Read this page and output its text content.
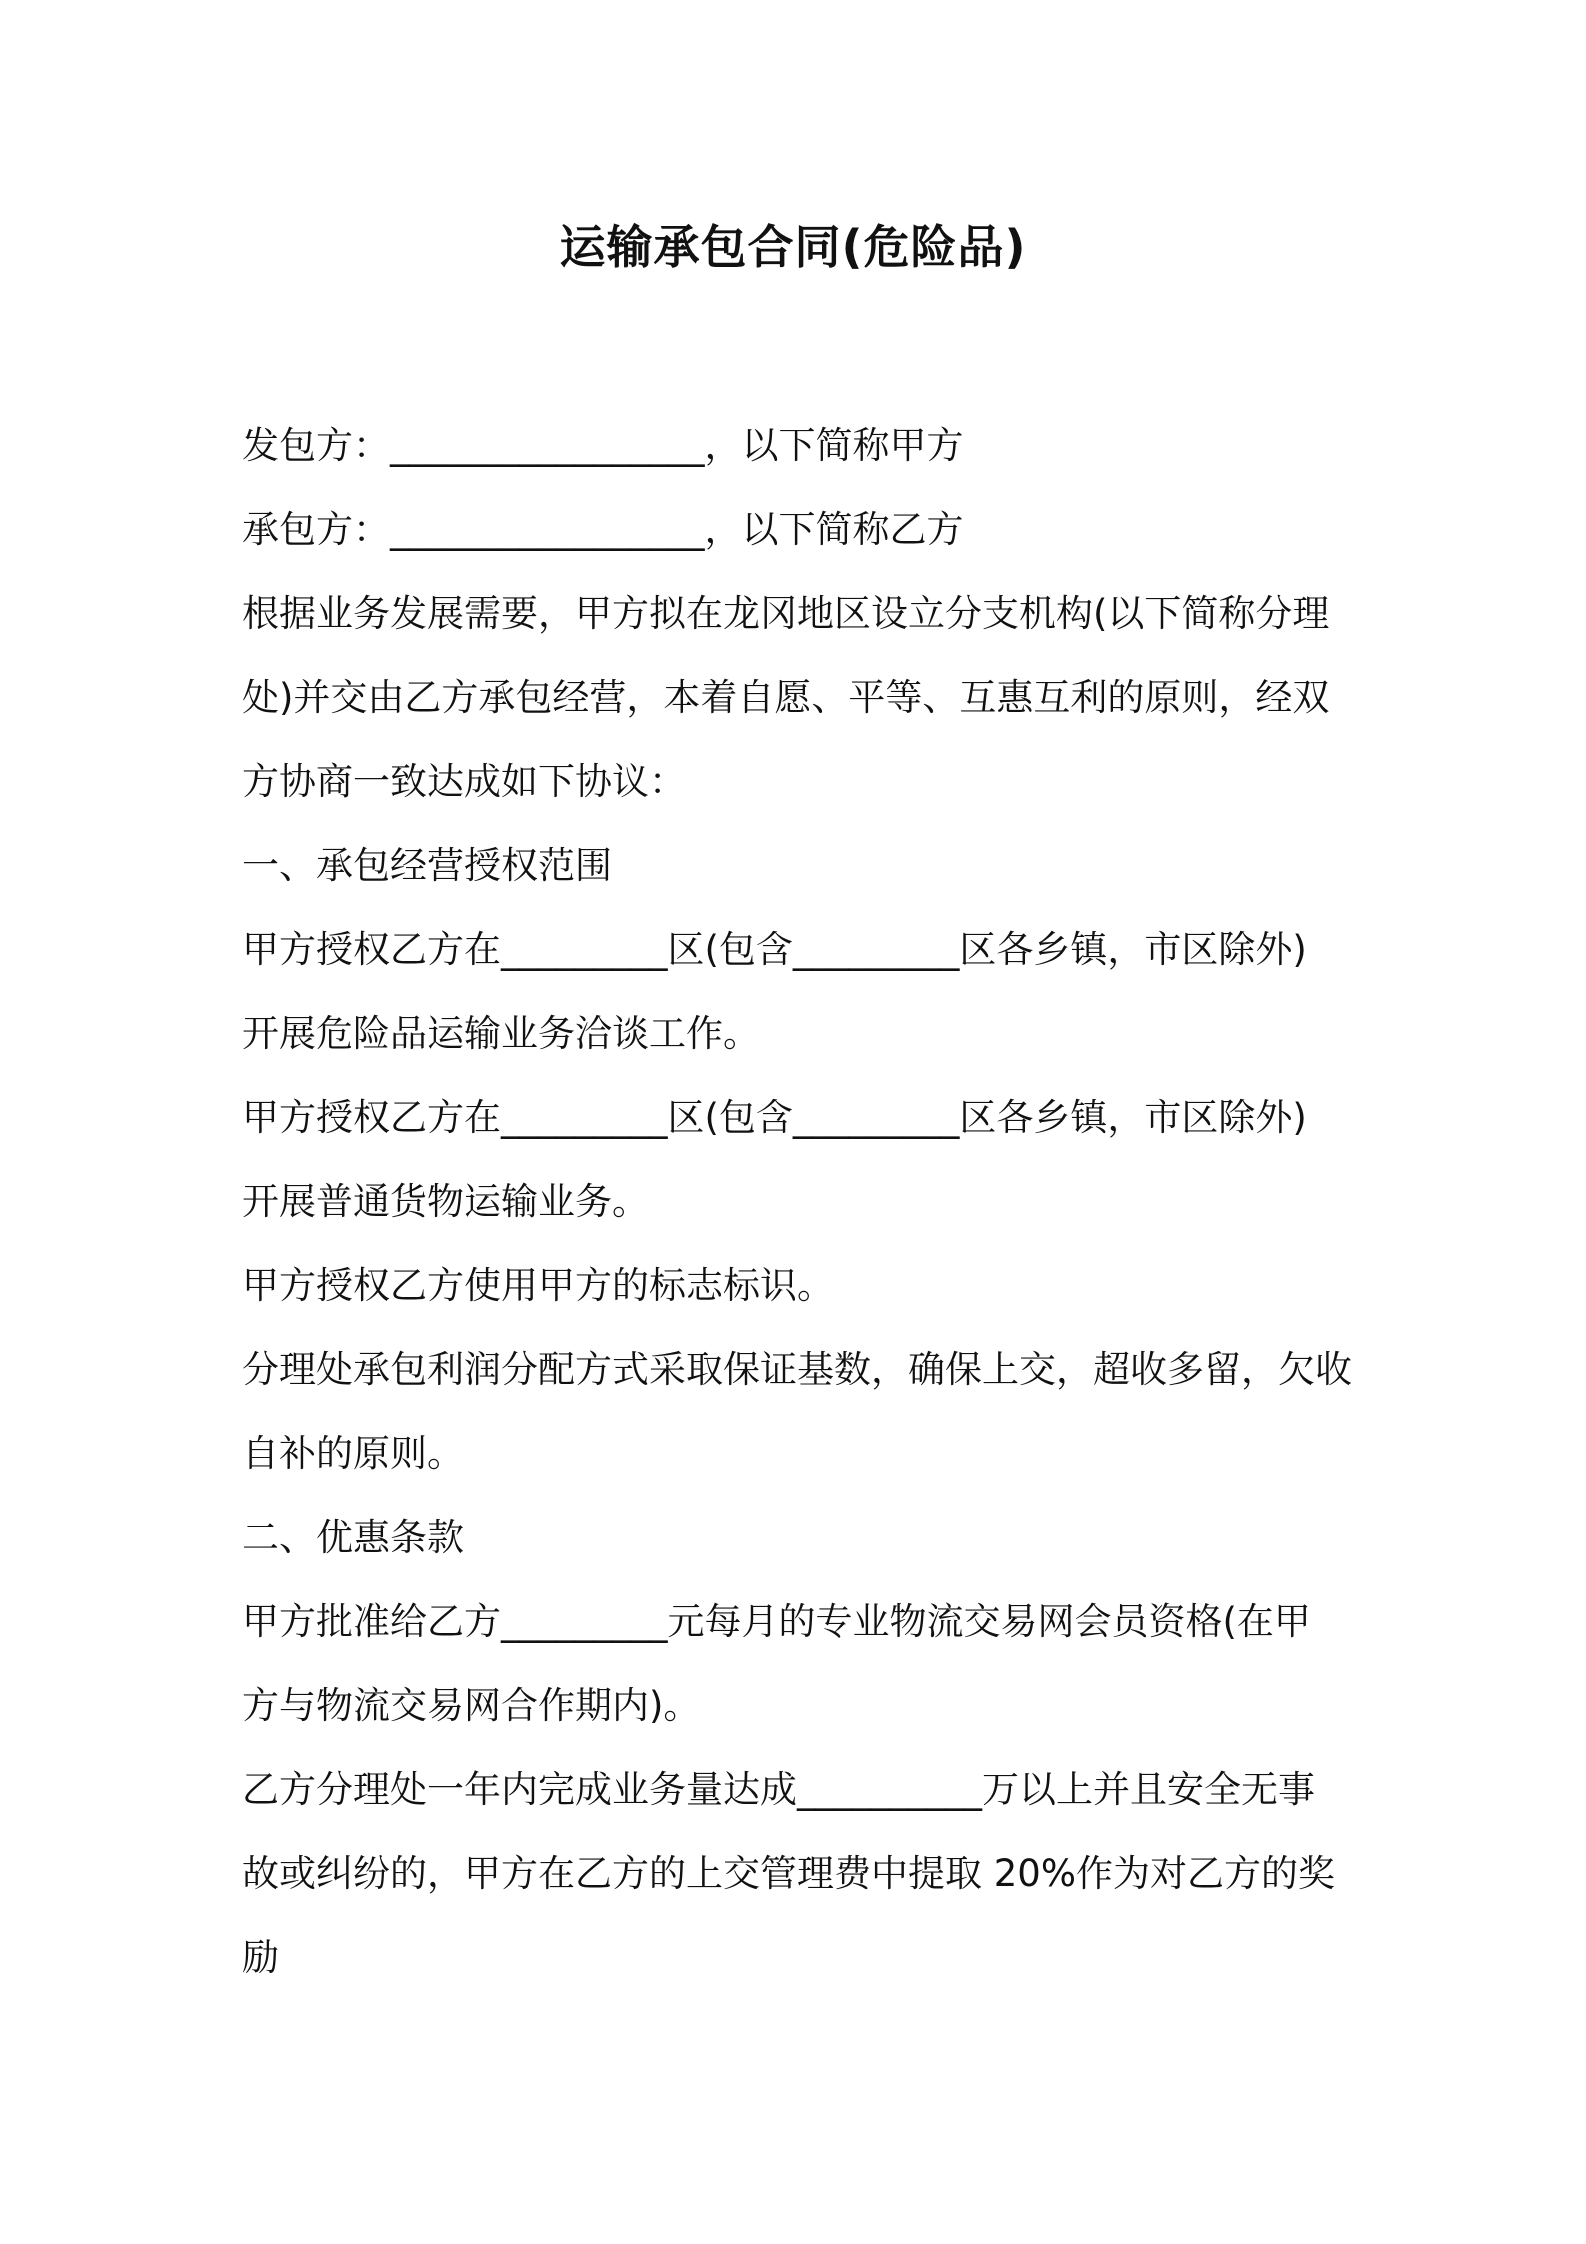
运输承包合同(危险品)
发包方：_________________，以下简称甲方
承包方：_________________，以下简称乙方
根据业务发展需要，甲方拟在龙冈地区设立分支机构(以下简称分理
处)并交由乙方承包经营，本着自愿、平等、互惠互利的原则，经双
方协商一致达成如下协议：
一、承包经营授权范围
甲方授权乙方在_________区(包含_________区各乡镇，市区除外)
开展危险品运输业务洽谈工作。
甲方授权乙方在_________区(包含_________区各乡镇，市区除外)
开展普通货物运输业务。
甲方授权乙方使用甲方的标志标识。
分理处承包利润分配方式采取保证基数，确保上交，超收多留，欠收
自补的原则。
二、优惠条款
甲方批准给乙方_________元每月的专业物流交易网会员资格(在甲
方与物流交易网合作期内)。
乙方分理处一年内完成业务量达成__________万以上并且安全无事
故或纠纷的，甲方在乙方的上交管理费中提取 20%作为对乙方的奖
励
